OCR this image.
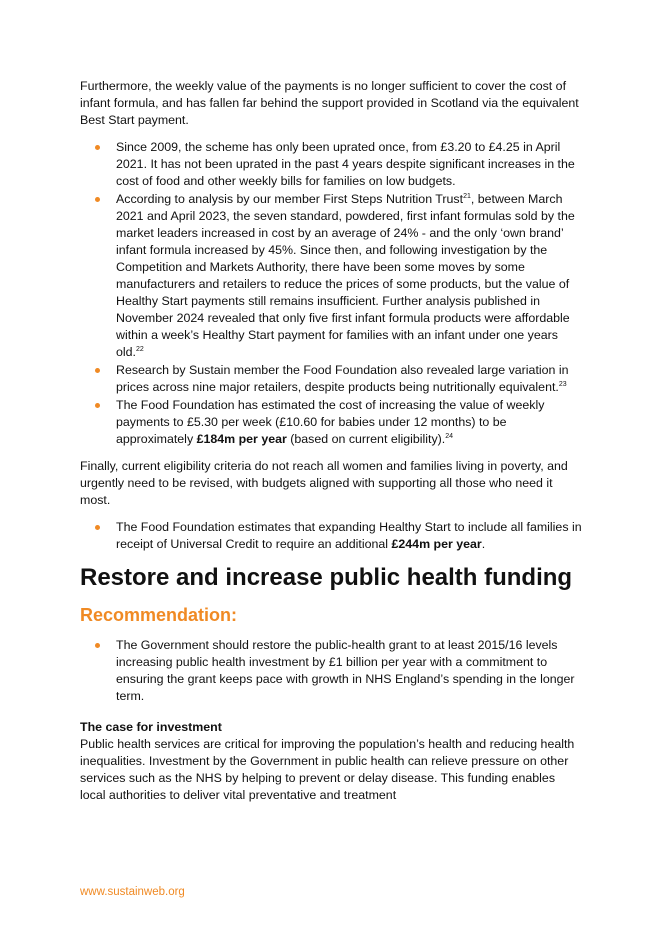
Furthermore, the weekly value of the payments is no longer sufficient to cover the cost of infant formula, and has fallen far behind the support provided in Scotland via the equivalent Best Start payment.

Since 2009, the scheme has only been uprated once, from £3.20 to £4.25 in April 2021. It has not been uprated in the past 4 years despite significant increases in the cost of food and other weekly bills for families on low budgets.
According to analysis by our member First Steps Nutrition Trust$^{21}$, between March 2021 and April 2023, the seven standard, powdered, first infant formulas sold by the market leaders increased in cost by an average of 24% - and the only ‘own brand’ infant formula increased by 45%. Since then, and following investigation by the Competition and Markets Authority, there have been some moves by some manufacturers and retailers to reduce the prices of some products, but the value of Healthy Start payments still remains insufficient. Further analysis published in November 2024 revealed that only five first infant formula products were affordable within a week’s Healthy Start payment for families with an infant under one years old.$^{22}$
Research by Sustain member the Food Foundation also revealed large variation in prices across nine major retailers, despite products being nutritionally equivalent.$^{23}$
The Food Foundation has estimated the cost of increasing the value of weekly payments to £5.30 per week (£10.60 for babies under 12 months) to be approximately £184m per year (based on current eligibility).$^{24}$

Finally, current eligibility criteria do not reach all women and families living in poverty, and urgently need to be revised, with budgets aligned with supporting all those who need it most.

The Food Foundation estimates that expanding Healthy Start to include all families in receipt of Universal Credit to require an additional £244m per year.
Restore and increase public health funding
Recommendation:
The Government should restore the public-health grant to at least 2015/16 levels increasing public health investment by £1 billion per year with a commitment to ensuring the grant keeps pace with growth in NHS England’s spending in the longer term.
The case for investment

Public health services are critical for improving the population’s health and reducing health inequalities. Investment by the Government in public health can relieve pressure on other services such as the NHS by helping to prevent or delay disease. This funding enables local authorities to deliver vital preventative and treatment

www.sustainweb.org
